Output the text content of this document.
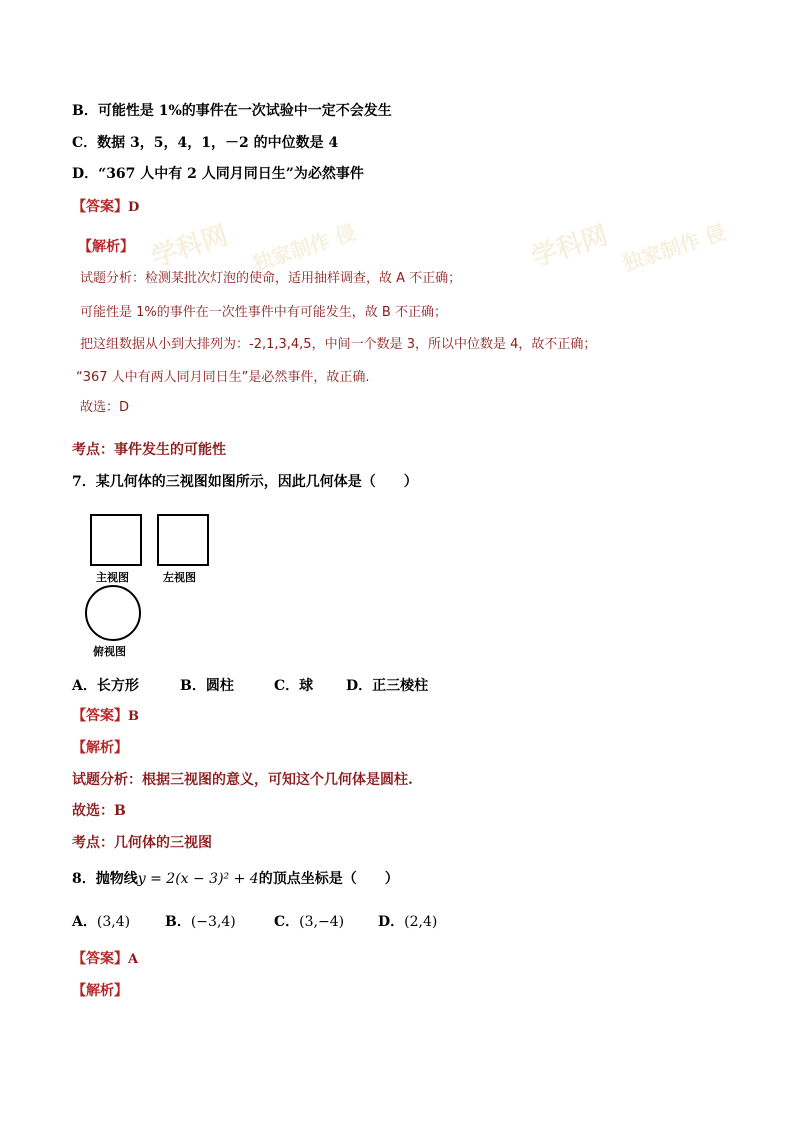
学科网 独家制作 侵	学科网 独家制作 侵
B．可能性是 1%的事件在一次试验中一定不会发生
C．数据 3，5，4，1，－2 的中位数是 4
D．“367 人中有 2 人同月同日生”为必然事件
【答案】D
【解析】
试题分析：检测某批次灯泡的使命，适用抽样调查，故 A 不正确；
可能性是 1%的事件在一次性事件中有可能发生，故 B 不正确；
把这组数据从小到大排列为：-2,1,3,4,5，中间一个数是 3，所以中位数是 4，故不正确；
“367 人中有两人同月同日生”是必然事件，故正确.
故选：D
考点：事件发生的可能性
7．某几何体的三视图如图所示，因此几何体是（　　）
主视图	左视图
俯视图
A．长方形	B．圆柱	C．球 D．正三棱柱
【答案】B
【解析】
试题分析：根据三视图的意义，可知这个几何体是圆柱.
故选：B
考点：几何体的三视图
8．抛物线y = 2(x − 3)² + 4的顶点坐标是（　　）
A．(3,4) B．(−3,4)	C．(3,−4) D．(2,4)
【答案】A
【解析】
